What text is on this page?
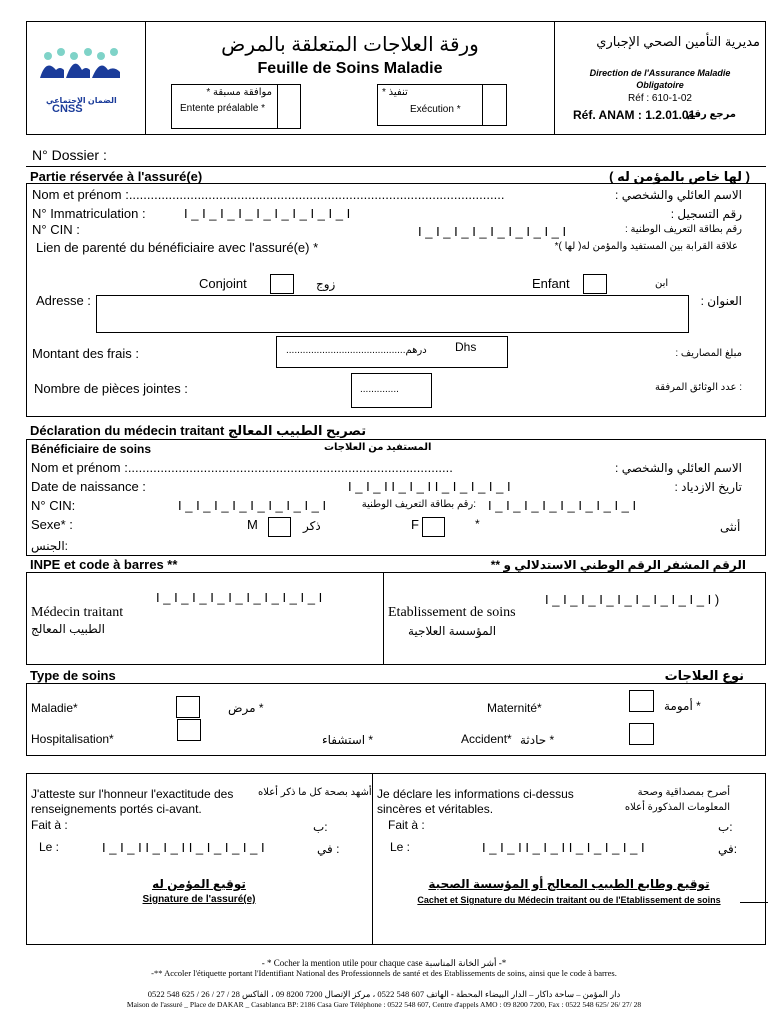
الضمان الإجتماعي
CNSS
ورقة العلاجات المتعلقة بالمرض
Feuille de Soins Maladie
موافقة مسبقة *
Entente préalable *
تنفيذ *
Exécution *
مديرية التأمين الصحي الإجباري
Direction de l'Assurance Maladie
Obligatoire
Réf : 610-1-02
Réf. ANAM : 1.2.01.01
مرجع رقم
N° Dossier :
Partie réservée à l'assuré(e)	( لها خاص بالمؤمن له )
Nom et prénom :........................................................................................................	الاسم العائلي والشخصي :
N° Immatriculation :	I _ I _ I _ I _ I _ I _ I _ I _ I _ I	رقم التسجيل :
N° CIN :	I _ I _ I _ I _ I _ I _ I _ I _ I	رقم بطاقة التعريف الوطنية :
Lien de parenté du bénéficiaire avec l'assuré(e) *	علاقة القرابة بين المستفيد والمؤمن له( لها )*
Conjoint	زوج	Enfant	ابن
Adresse :	العنوان :
Montant des frais :	...........................................درهم Dhs	مبلغ المصاريف :
Nombre de pièces jointes :	..............	: عدد الوثائق المرفقة
Déclaration du médecin traitant تصريح الطبيب المعالج
Bénéficiaire de soins	المستفيد من العلاجات
Nom et prénom :..........................................................................................	الاسم العائلي والشخصي :
Date de naissance :	I _ I _ I I _ I _ I I _ I _ I _ I _ I	تاريخ الازدياد :
N° CIN:	I _ I _ I _ I _ I _ I _ I _ I _ I	:رقم بطاقة التعريف الوطنية I _ I _ I _ I _ I _ I _ I _ I _ I
Sexe* :	M	ذكر	F	*	أنثى
الجنس:
INPE et code à barres **	الرقم المشفر الرقم الوطني الاستدلالي و **
I _ I _ I _ I _ I _ I _ I _ I _ I _ I
Médecin traitant
الطبيب المعالج
Etablissement de soins
المؤسسة العلاجية
I _ I _ I _ I _ I _ I _ I _ I _ I _ I )
Type de soins	نوع العلاجات
Maladie*	مرض *	Maternité*	أمومة *
Hospitalisation*	استشفاء *	Accident* حادثة *
J'atteste sur l'honneur l'exactitude des أشهد بصحة كل ما ذكر أعلاه
renseignements portés ci-avant.
Fait à :	ب:
Le :	I _ I _ I I _ I _ I I _ I _ I _ I _ I	في :
توقيع المؤمن له
Signature de l'assuré(e)
Je déclare les informations ci-dessus	أصرح بمصداقية وصحة
sincères et véritables.	المعلومات المذكورة أعلاه
Fait à :	ب:
Le :	I _ I _ I I _ I _ I I _ I _ I _ I _ I	في:
توقيع وطابع الطبيب المعالج أو المؤسسة الصحية
Cachet et Signature du Médecin traitant ou de l'Etablissement de soins
- * Cocher la mention utile pour chaque case أشر الخانة المناسبة -*
-** Accoler l'étiquette portant l'Identifiant National des Professionnels de santé et des Etablissements de soins, ainsi que le code à barres.
دار المؤمن – ساحة داكار – الدار البيضاء المحطة - الهاتف 607 548 0522 ، مركز الإتصال 7200 8200 09 ، الفاكس 28 / 27 / 26 / 625 548 0522
Maison de l'assuré _ Place de DAKAR _ Casablanca BP: 2186 Casa Gare Téléphone : 0522 548 607, Centre d'appels AMO : 09 8200 7200, Fax : 0522 548 625/ 26/ 27/ 28
